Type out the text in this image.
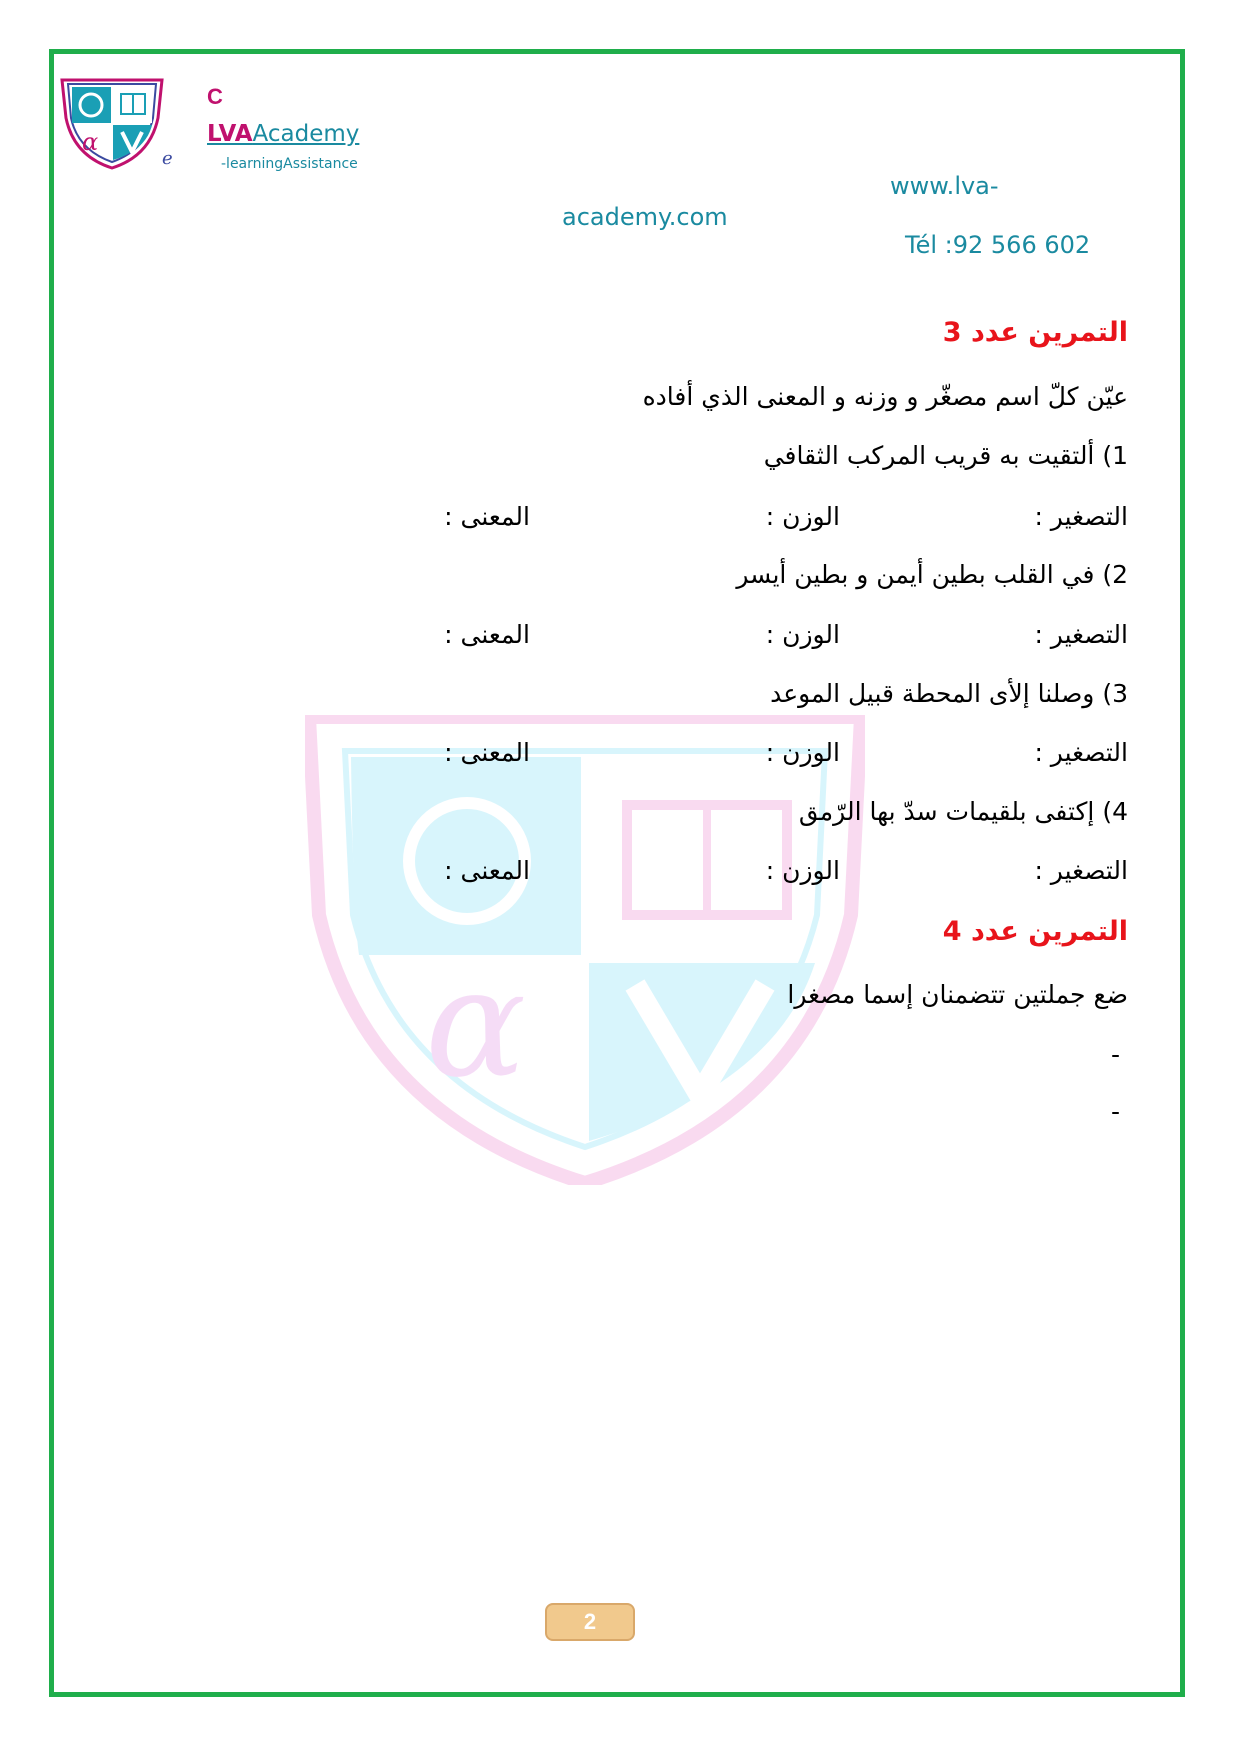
α
e
C
LVAAcademy
-learningAssistance
www.lva-
academy.com
Tél :92 566 602
α
التمرين عدد 3
عيّن كلّ اسم مصغّر و وزنه و المعنى الذي أفاده
1) ألتقيت به قريب المركب الثقافي
التصغير :
الوزن :
المعنى :
2) في القلب بطين أيمن و بطين أيسر
التصغير :
الوزن :
المعنى :
3) وصلنا إلأى المحطة قبيل الموعد
التصغير :
الوزن :
المعنى :
4) إكتفى بلقيمات سدّ بها الرّمق
التصغير :
الوزن :
المعنى :
التمرين عدد 4
ضع جملتين تتضمنان إسما مصغرا
-
-
2
